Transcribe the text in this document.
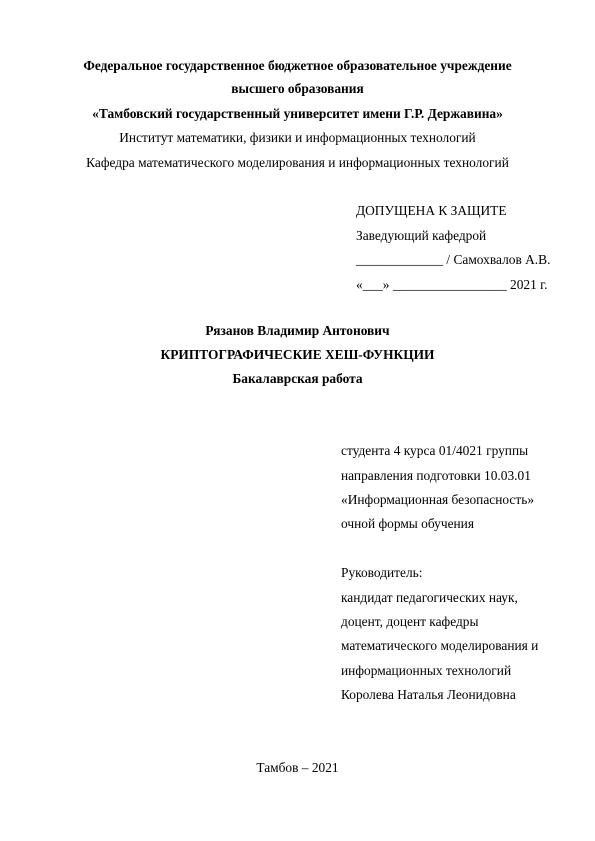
Федеральное государственное бюджетное образовательное учреждение
высшего образования
«Тамбовский государственный университет имени Г.Р. Державина»
Институт математики, физики и информационных технологий
Кафедра математического моделирования и информационных технологий
ДОПУЩЕНА К ЗАЩИТЕ
Заведующий кафедрой
_____________ / Самохвалов А.В.
«___» _________________ 2021 г.
Рязанов Владимир Антонович
КРИПТОГРАФИЧЕСКИЕ ХЕШ-ФУНКЦИИ
Бакалаврская работа
студента 4 курса 01/4021 группы
направления подготовки 10.03.01
«Информационная безопасность»
очной формы обучения
Руководитель:
кандидат педагогических наук,
доцент, доцент кафедры
математического моделирования и
информационных технологий
Королева Наталья Леонидовна
Тамбов – 2021
